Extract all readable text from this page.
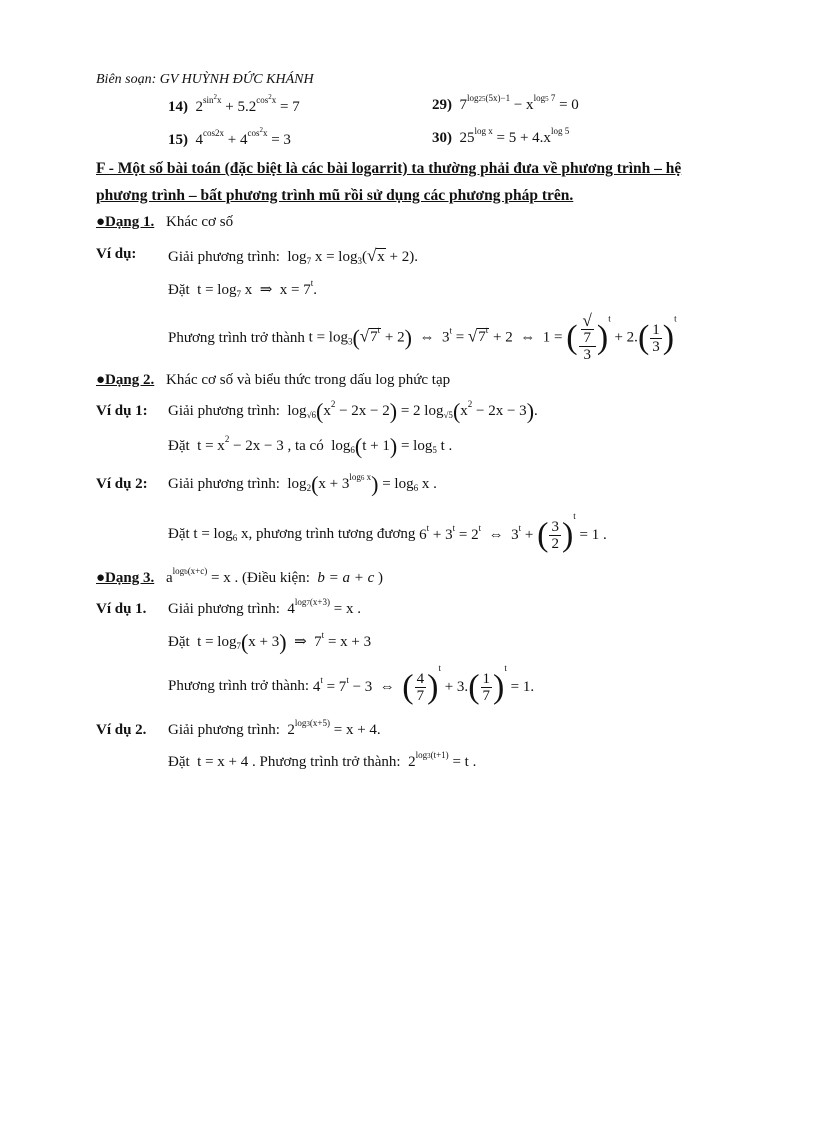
Biên soạn: GV HUỲNH ĐỨC KHÁNH
14)  $2^{sin^2x} + 5.2^{cos^2x} = 7$	29)  $7^{log25(5x)-1} - x^{log5 7} = 0$
15)  $4^{cos2x} + 4^{cos^2x} = 3$	30)  $25^{log x} = 5 + 4.x^{log 5}$
F - Một số bài toán (đặc biệt là các bài logarrit) ta thường phải đưa về phương trình – hệ
phương trình – bất phương trình mũ rồi sử dụng các phương pháp trên.
●Dạng 1. Khác cơ số
Ví dụ: Giải phương trình:  $\log_7 x = \log_3(√x + 2)$.
Đặt  $t = \log_7 x$  ⇒  $x = 7^t$.
Phương trình trở thành $t = \log_3(√7^t + 2)$  ⇔  $3^t = √7^t + 2$  ⇔  1 = ( √
7
3 )$^t + 2.( \frac{1}{3} )^t$
●Dạng 2. Khác cơ số và biểu thức trong dấu log phức tạp
Ví dụ 1: Giải phương trình:  $\log_{√6}(x^2 - 2x - 2) = 2$ $\log_{√5}(x^2 - 2x - 3)$.
Đặt  $t = x^2 - 2x - 3$ , ta có  $\log_6(t + 1) = \log_5 t$ .
Ví dụ 2: Giải phương trình:  $\log_2(x + 3^{log6 x}) = \log_6 x$ .
Đặt $t = \log_6 x$ , phương trình tương đương $6^t + 3^t = 2^t$  ⇔  $3^t$ + ( $\frac{3}{2} )^t = 1$ .
●Dạng 3. $a^{logb(x+c)} = x$ . (Điều kiện:  b = a + c )
Ví dụ 1. Giải phương trình:  $4^{log7(x+3)} = x$ .
Đặt  $t = \log_7(x + 3)$  ⇒  $7^t = x + 3$
Phương trình trở thành: $4^t = 7^t - 3$  ⇔  ( $\frac{4}{7} )^t + 3.( \frac{1}{7} )^t = 1$.
Ví dụ 2. Giải phương trình:  $2^{log3(x+5)} = x + 4$.
Đặt  t = x + 4 . Phương trình trở thành:  $2^{log3(t+1)} = t$ .
